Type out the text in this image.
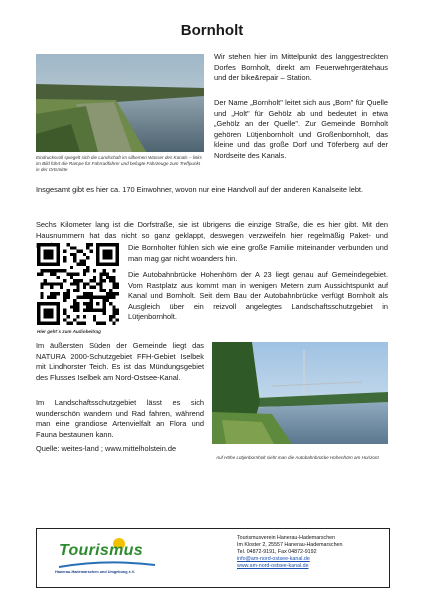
Bornholt
Eindrucksvoll spiegelt sich die Landschaft im silbernen Wasser des Kanals – links im Bild führt die Rampe für Fahrradfahrer und befugte Fahrzeuge zum Treffpunkt in der Ortsmitte

Wir stehen hier im Mittelpunkt des langgestreckten Dorfes Bornholt, direkt am Feuerwehrgerätehaus und der bike&repair – Station.

Der Name „Bornholt" leitet sich aus „Born" für Quelle und „Holt" für Gehölz ab und bedeutet in etwa „Gehölz an der Quelle". Zur Gemeinde Bornholt gehören Lütjenbornholt und Großenbornholt, das kleine und das große Dorf und Töferberg auf der Nordseite des Kanals.

Insgesamt gibt es hier ca. 170 Einwohner, wovon nur eine Handvoll auf der anderen Kanalseite lebt.

Sechs Kilometer lang ist die Dorfstraße, sie ist übrigens die einzige Straße, die es hier gibt. Mit den Hausnummern hat das nicht so ganz geklappt, deswegen verzweifeln hier regelmäßig Paket- und

Hier geht´s zum Audiobeitrag

Die Bornholter fühlen sich wie eine große Familie miteinander verbunden und man mag gar nicht woanders hin.

Die Autobahnbrücke Hohenhörn der A 23 liegt genau auf Gemeindegebiet. Vom Rastplatz aus kommt man in wenigen Metern zum Aussichtspunkt auf Kanal und Bornholt. Seit dem Bau der Autobahnbrücke verfügt Bornholt als Ausgleich über ein reizvoll angelegtes Landschaftsschutzgebiet in Lütjenbornholt.

Im äußersten Süden der Gemeinde liegt das NATURA 2000-Schutzgebiet FFH-Gebiet Iselbek mit Lindhorster Teich. Es ist das Mündungsgebiet des Flusses Iselbek am Nord-Ostsee-Kanal.

Im Landschaftsschutzgebiet lässt es sich wunderschön wandern und Rad fahren, während man eine grandiose Artenvielfalt an Flora und Fauna bestaunen kann.

Quelle: weites-land ; www.mittelholstein.de

Auf Höhe Lütjenbornholt sieht man die Autobahnbrücke Hohenhörn am Horizont
Tourismus
Hanerau-Hademarschen und Umgebung e.V.
Tourismusverein Hanerau-Hademarschen
Im Kloster 2, 25557 Hanerau-Hademarschen
Tel. 04872-9191, Fax 04872-9192
info@am-nord-ostsee-kanal.de
www.am-nord-ostsee-kanal.de
